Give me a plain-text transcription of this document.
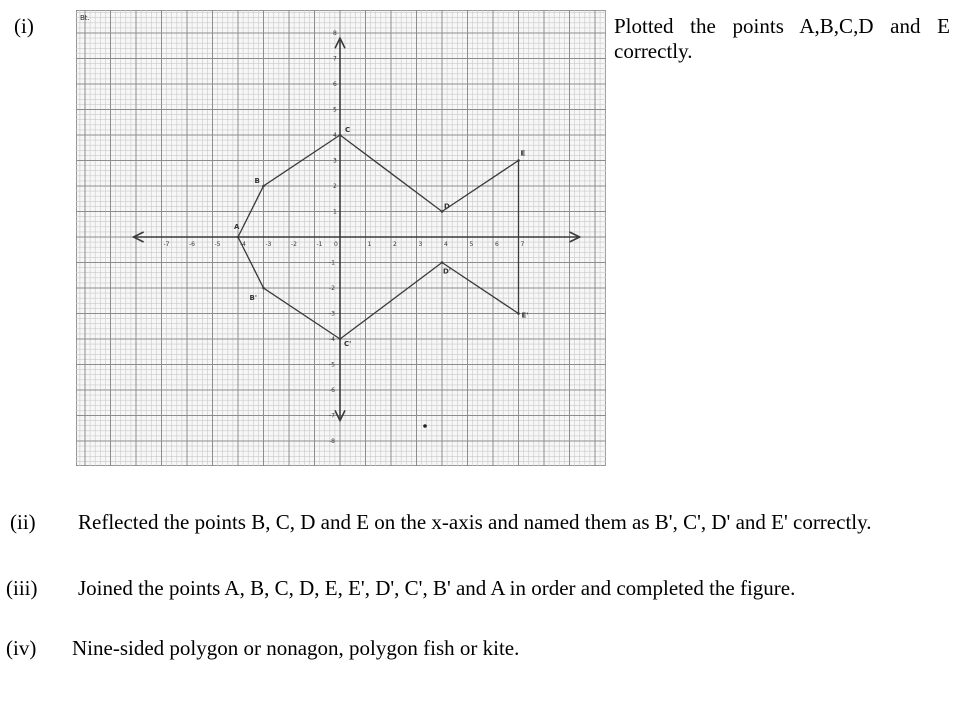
(i)
-7	-6	-5	-4	-3	-2	-1 0	1	2	3	4	5	6	7
8
7
6
5
4
3
2
1
-1
-2
-3
-4
-5
-6
-7
-8
Bt.
A
B
C
D
E
E'
D'
C'
B'
Plotted the points A,B,C,D and E correctly.
(ii)	Reflected the points B, C, D and E on the x-axis and named them as B', C', D' and E' correctly.
(iii) Joined the points A, B, C, D, E, E', D', C', B' and A in order and completed the figure.
(iv) Nine-sided polygon or nonagon, polygon fish or kite.
